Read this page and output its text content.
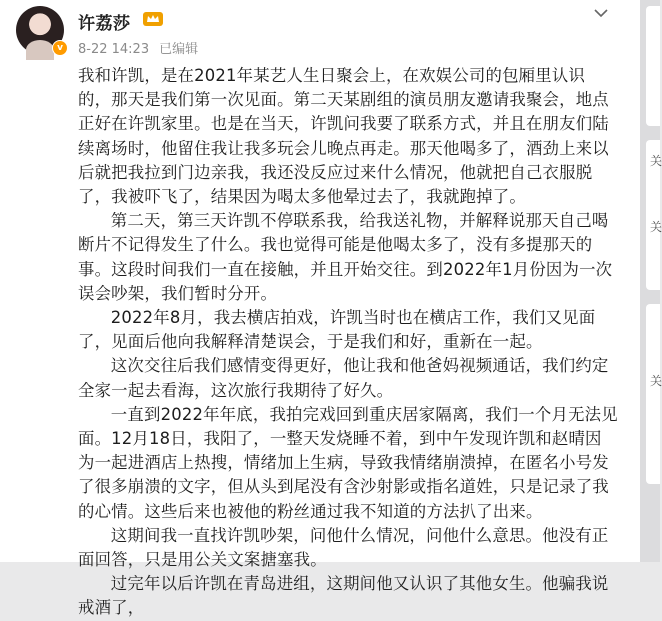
v
许荔莎
8-22 14:23 已编辑

我和许凯，是在2021年某艺人生日聚会上，在欢娱公司的包厢里认识的，那天是我们第一次见面。第二天某剧组的演员朋友邀请我聚会，地点正好在许凯家里。也是在当天，许凯问我要了联系方式，并且在朋友们陆续离场时，他留住我让我多玩会儿晚点再走。那天他喝多了，酒劲上来以后就把我拉到门边亲我，我还没反应过来什么情况，他就把自己衣服脱了，我被吓飞了，结果因为喝太多他晕过去了，我就跑掉了。

第二天，第三天许凯不停联系我，给我送礼物，并解释说那天自己喝断片不记得发生了什么。我也觉得可能是他喝太多了，没有多提那天的事。这段时间我们一直在接触，并且开始交往。到2022年1月份因为一次误会吵架，我们暂时分开。

2022年8月，我去横店拍戏，许凯当时也在横店工作，我们又见面了，见面后他向我解释清楚误会，于是我们和好，重新在一起。

这次交往后我们感情变得更好，他让我和他爸妈视频通话，我们约定全家一起去看海，这次旅行我期待了好久。

一直到2022年年底，我拍完戏回到重庆居家隔离，我们一个月无法见面。12月18日，我阳了，一整天发烧睡不着，到中午发现许凯和赵晴因为一起进酒店上热搜，情绪加上生病，导致我情绪崩溃掉，在匿名小号发了很多崩溃的文字，但从头到尾没有含沙射影或指名道姓，只是记录了我的心情。这些后来也被他的粉丝通过我不知道的方法扒了出来。

这期间我一直找许凯吵架，问他什么情况，问他什么意思。他没有正面回答，只是用公关文案搪塞我。

过完年以后许凯在青岛进组，这期间他又认识了其他女生。他骗我说戒酒了，

关
关
关
